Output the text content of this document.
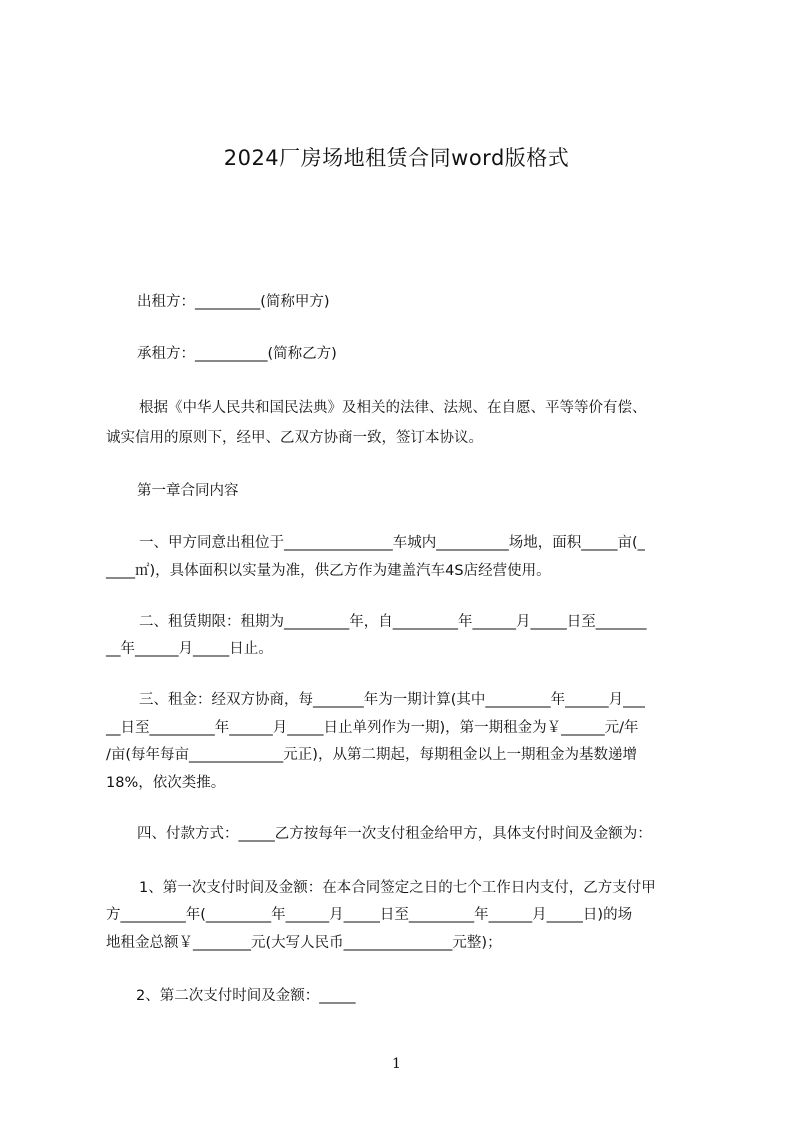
2024厂房场地租赁合同word版格式
出租方：_________(简称甲方)
承租方：__________(简称乙方)
根据《中华人民共和国民法典》及相关的法律、法规、在自愿、平等等价有偿、
诚实信用的原则下，经甲、乙双方协商一致，签订本协议。
第一章合同内容
一、甲方同意出租位于_______________车城内__________场地，面积_____亩(_
____㎡)，具体面积以实量为准，供乙方作为建盖汽车4S店经营使用。
二、租赁期限：租期为_________年，自_________年______月_____日至_______
__年______月_____日止。
三、租金：经双方协商，每_______年为一期计算(其中_________年______月___
__日至_________年______月_____日止单列作为一期)，第一期租金为￥______元/年
/亩(每年每亩_____________元正)，从第二期起，每期租金以上一期租金为基数递增
18%，依次类推。
四、付款方式：_____乙方按每年一次支付租金给甲方，具体支付时间及金额为：
1、第一次支付时间及金额：在本合同签定之日的七个工作日内支付，乙方支付甲
方_________年(_________年______月_____日至_________年______月_____日)的场
地租金总额￥________元(大写人民币_______________元整)；
2、第二次支付时间及金额：_____
1
